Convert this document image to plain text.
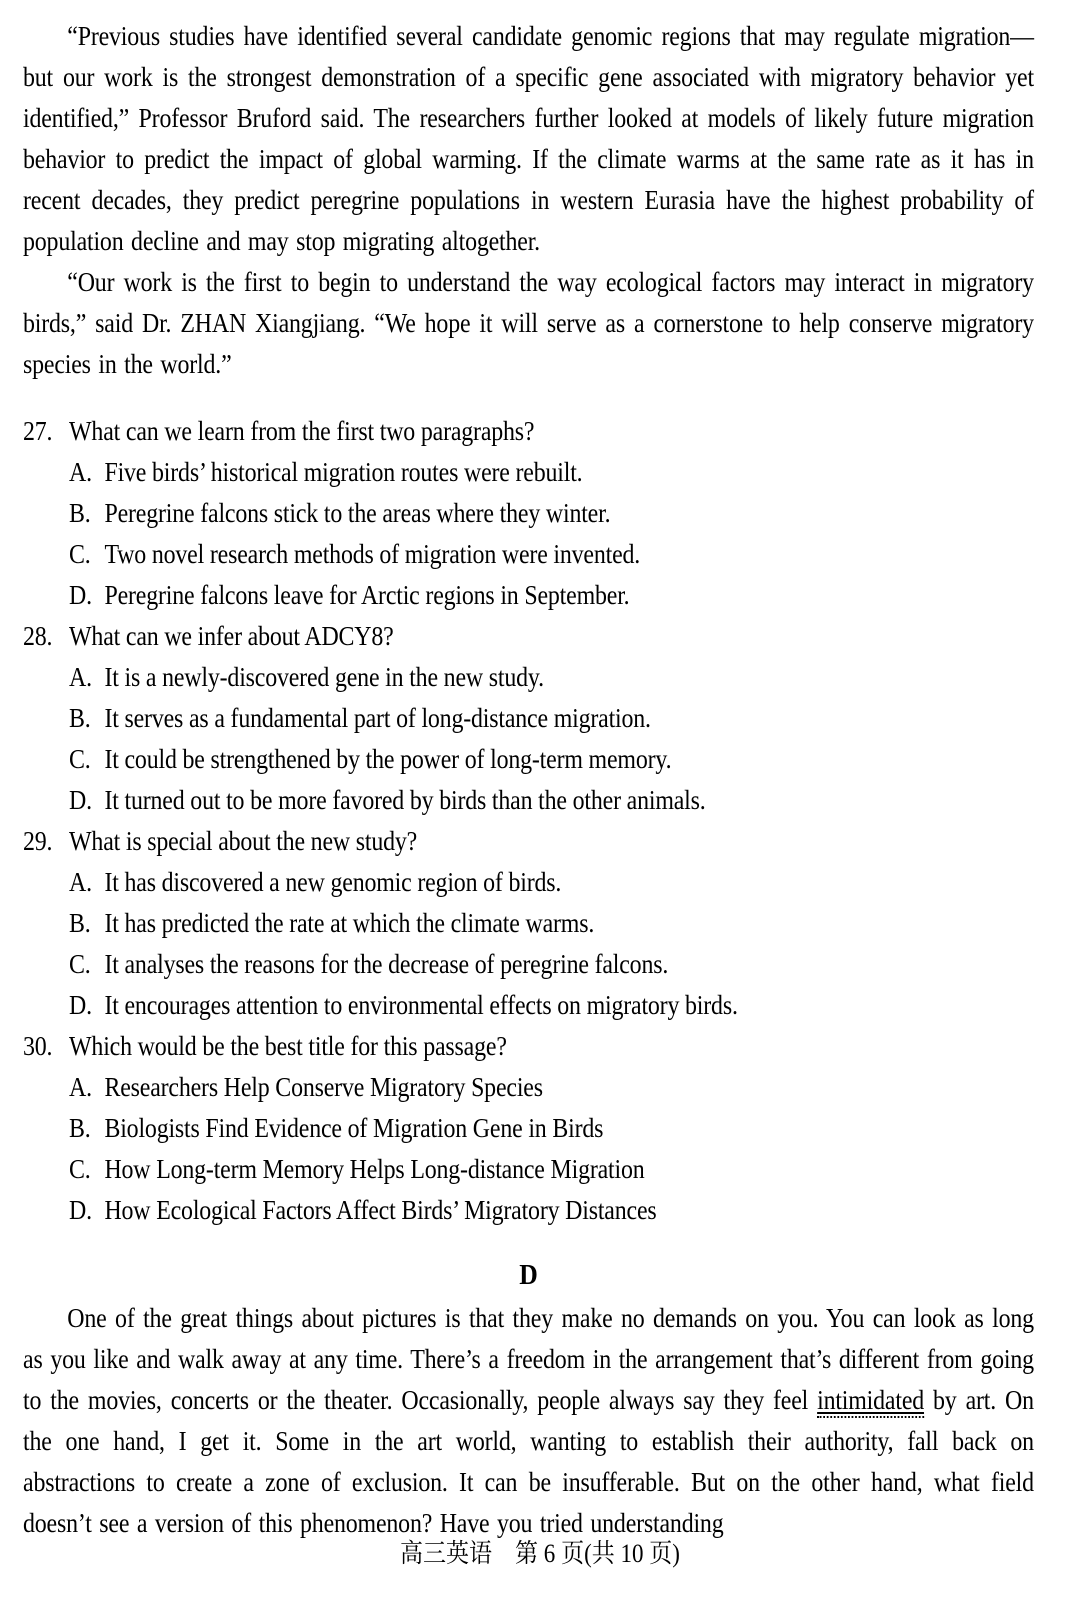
“Previous studies have identified several candidate genomic regions that may regulate migration—but our work is the strongest demonstration of a specific gene associated with migratory behavior yet identified,” Professor Bruford said. The researchers further looked at models of likely future migration behavior to predict the impact of global warming. If the climate warms at the same rate as it has in recent decades, they predict peregrine populations in western Eurasia have the highest probability of population decline and may stop migrating altogether.

“Our work is the first to begin to understand the way ecological factors may interact in migratory birds,” said Dr. ZHAN Xiangjiang. “We hope it will serve as a cornerstone to help conserve migratory species in the world.”

27. What can we learn from the first two paragraphs?
A. Five birds’ historical migration routes were rebuilt.
B. Peregrine falcons stick to the areas where they winter.
C. Two novel research methods of migration were invented.
D. Peregrine falcons leave for Arctic regions in September.
28. What can we infer about ADCY8?
A. It is a newly-discovered gene in the new study.
B. It serves as a fundamental part of long-distance migration.
C. It could be strengthened by the power of long-term memory.
D. It turned out to be more favored by birds than the other animals.
29. What is special about the new study?
A. It has discovered a new genomic region of birds.
B. It has predicted the rate at which the climate warms.
C. It analyses the reasons for the decrease of peregrine falcons.
D. It encourages attention to environmental effects on migratory birds.
30. Which would be the best title for this passage?
A. Researchers Help Conserve Migratory Species
B. Biologists Find Evidence of Migration Gene in Birds
C. How Long-term Memory Helps Long-distance Migration
D. How Ecological Factors Affect Birds’ Migratory Distances
D

One of the great things about pictures is that they make no demands on you. You can look as long as you like and walk away at any time. There’s a freedom in the arrangement that’s different from going to the movies, concerts or the theater. Occasionally, people always say they feel intimidated by art. On the one hand, I get it. Some in the art world, wanting to establish their authority, fall back on abstractions to create a zone of exclusion. It can be insufferable. But on the other hand, what field doesn’t see a version of this phenomenon? Have you tried understanding

高三英语　第 6 页(共 10 页)
